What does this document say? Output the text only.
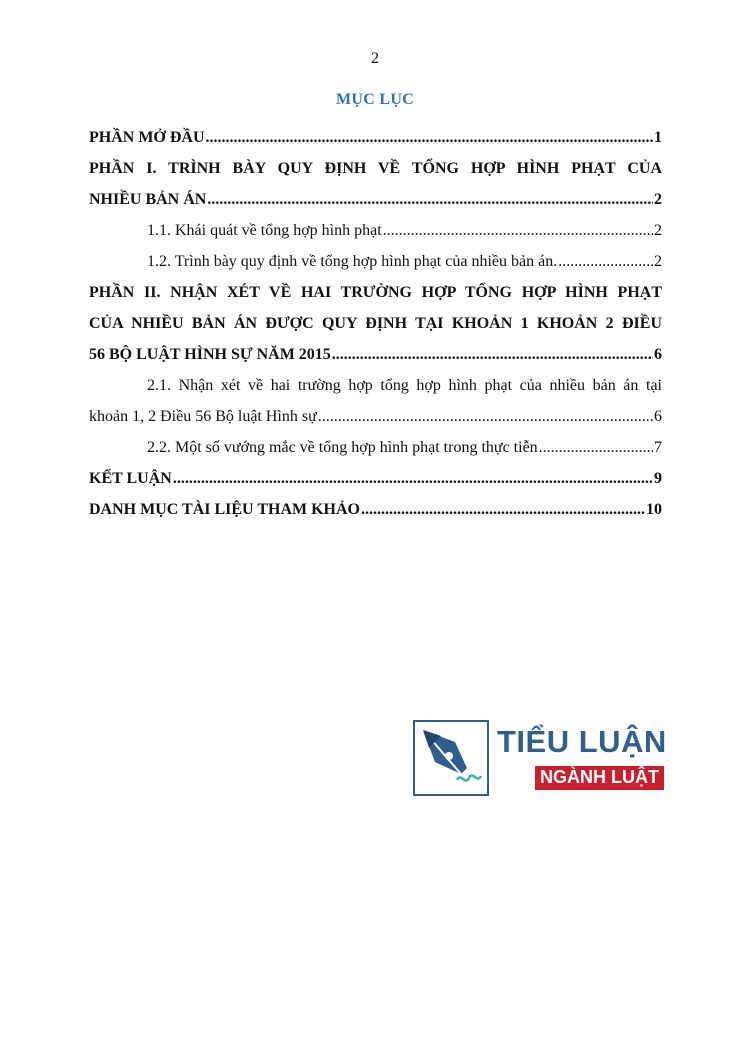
2
MỤC LỤC
PHẦN MỞ ĐẦU .....	1
PHẦN I. TRÌNH BÀY QUY ĐỊNH VỀ TỔNG HỢP HÌNH PHẠT CỦA
NHIỀU BẢN ÁN .....	2
1.1. Khái quát về tổng hợp hình phạt .....	2
1.2. Trình bày quy định về tổng hợp hình phạt của nhiều bản án. .....	2
PHẦN II. NHẬN XÉT VỀ HAI TRƯỜNG HỢP TỔNG HỢP HÌNH PHẠT
CỦA NHIỀU BẢN ÁN ĐƯỢC QUY ĐỊNH TẠI KHOẢN 1 KHOẢN 2 ĐIỀU
56 BỘ LUẬT HÌNH SỰ NĂM 2015 .....	6
2.1. Nhận xét về hai trường hợp tổng hợp hình phạt của nhiều bản án tại
khoản 1, 2 Điều 56 Bộ luật Hình sự .....	6
2.2. Một số vướng mắc về tổng hợp hình phạt trong thực tiễn .....	7
KẾT LUẬN .....	9
DANH MỤC TÀI LIỆU THAM KHẢO .....	10
TIỂU LUẬN
NGÀNH LUẬT
